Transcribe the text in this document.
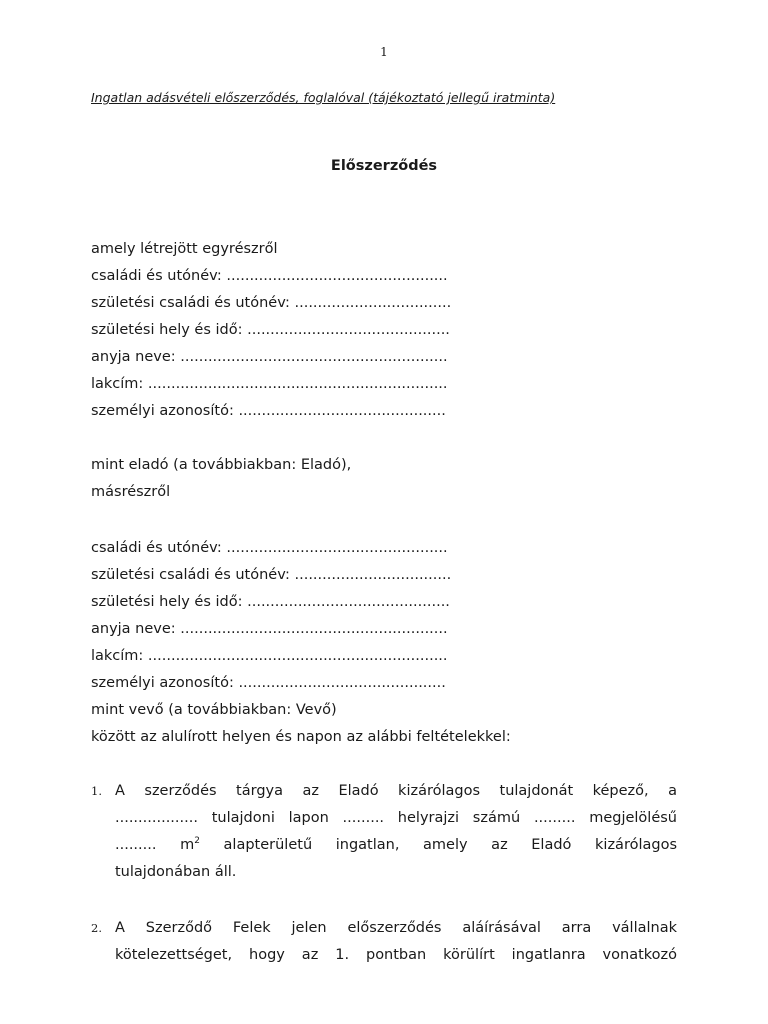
1
Ingatlan adásvételi előszerződés, foglalóval (tájékoztató jellegű iratminta)
Előszerződés
amely létrejött egyrészről
családi és utónév: ................................................
születési családi és utónév: ..................................
születési hely és idő: ............................................
anyja neve: ..........................................................
lakcím: .................................................................
személyi azonosító: .............................................
mint eladó (a továbbiakban: Eladó),
másrészről
családi és utónév: ................................................
születési családi és utónév: ..................................
születési hely és idő: ............................................
anyja neve: ..........................................................
lakcím: .................................................................
személyi azonosító: .............................................
mint vevő (a továbbiakban: Vevő)
között az alulírott helyen és napon az alábbi feltételekkel:
1. A szerződés tárgya az Eladó kizárólagos tulajdonát képező, a
.................. tulajdoni lapon ......... helyrajzi számú ......... megjelölésű
......... $m^2$ alapterületű ingatlan, amely az Eladó kizárólagos
tulajdonában áll.
2. A Szerződő Felek jelen előszerződés aláírásával arra vállalnak
kötelezettséget, hogy az 1. pontban körülírt ingatlanra vonatkozó
